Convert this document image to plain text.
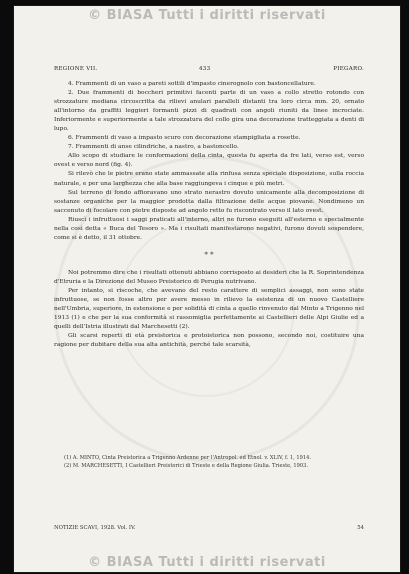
© BIASA Tutti i diritti riservati
REGIONE VII.	433	PIEGARO.

4. Frammenti di un vaso a pareti sottili d'impasto cinerognolo con bastoncellature.

2. Due frammenti di boccheri primitivi facenti parte di un vaso a collo stretto rotondo con strozzature mediana circoscritta da rilievi anulari paralleli distanti tra loro circa mm. 20, ornato all'intorno da graffiti leggieri formanti pizzi di quadrati con angoli riuniti da linee incrociate. Inferiormente e superiormente a tale strozzatura del collo gira una decorazione tratteggiata a denti di lupo.

6. Frammenti di vaso a impasto scuro con decorazione stampigliata a rosette.

7. Frammenti di anse cilindriche, a nastro, a bastoncello.

Allo scopo di studiare le conformazioni della cinta, questa fu aperta da fre lati, verso est, verso ovest e verso nord (fig. 4).

Si rilevò che le pietre erano state ammassate alla rinfusa senza speciale disposizione, sulla roccia naturale, e per una larghezza che alla base raggiungeva i cinque e più metri.

Sul terreno di fondo affioravano uno strato nerastro dovuto unicamente alla decomposizione di sostanze organiche per la maggior prodotta dalla filtrazione delle acque piovane. Nondimeno un saccenuto di focolare con pietre disposte ad angolo retto fu riscontrato verso il lato ovest.

Riuscì i infruttuosi i saggi praticati all'interno, altri ne furono eseguiti all'esterno e specialmente nella così detta « Buca del Tesoro ». Ma i risultati manifestarono negativi, furono dovuti sospendere, come si è detto, il 31 ottobre.

* *

Noi potremmo dire che i risultati ottenuti abbiano corrisposto ai desideri che la R. Soprintendenza d'Etruria e la Direzione del Museo Preistorico di Perugia nutrivano.

Per intanto, si riscoche, che avevano del resto carattere di semplici assaggi, non sono state infruttuose, se non fosse altro per avere messo in rilievo la esistenza di un nuovo Castelliere nell'Umbria, superiore, in estensione e per solidità di cinta a quello rinvenuto dal Minto a Trigenno nel 1913 (1) e che per la sua conformità si rassomiglia perfettamente ai Castellieri delle Alpi Giulie ed a quelli dell'Istria illustrati dal Marchesetti (2).

Gli scarsi reperti di età preistorica e protoistorica non possono, secondo noi, costituire una ragione per dubitare della sua alta antichità, perché tale scarsità,

(1) A. MINTO, Cinta Preistorica a Trigenno Ardenne per l'Antropol. ed Etnol. v. XLIV, f. 1, 1914.

(2) M. MARCHESETTI, I Castellieri Preistorici di Trieste e della Regione Giulia. Trieste, 1903.

NOTIZIE SCAVI, 1928. Vol. IV.	54
© BIASA Tutti i diritti riservati
